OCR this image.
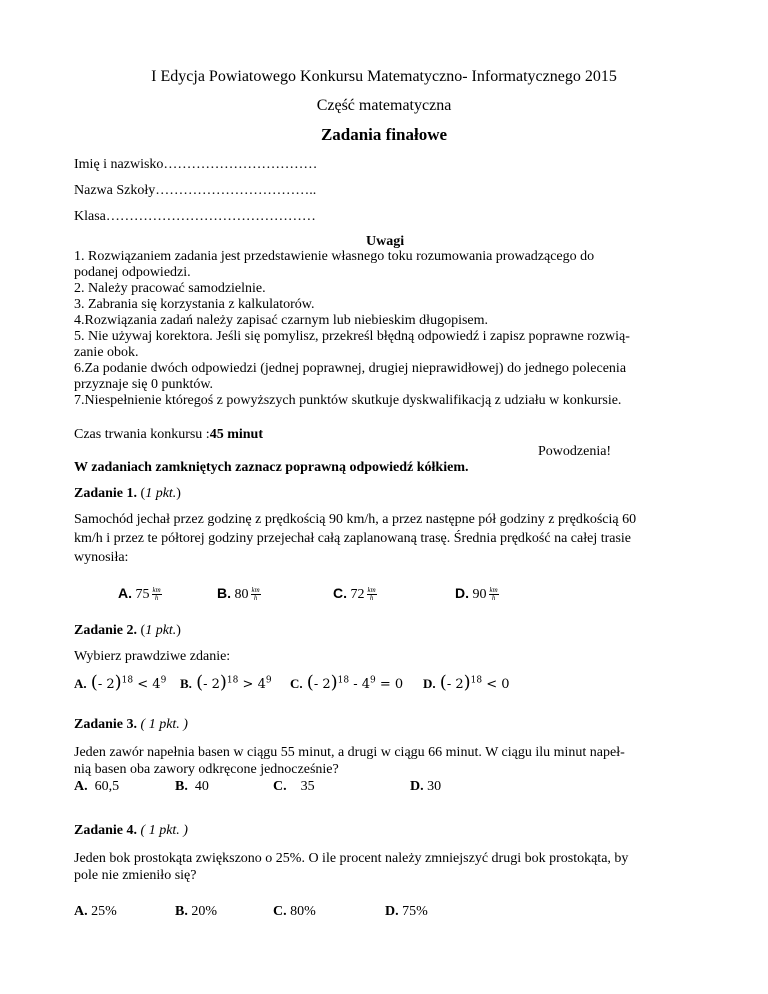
I Edycja Powiatowego Konkursu Matematyczno- Informatycznego 2015
Część matematyczna
Zadania finałowe
Imię i nazwisko……………………………
Nazwa Szkoły……………………………..
Klasa………………………………………
Uwagi
1. Rozwiązaniem zadania jest przedstawienie własnego toku rozumowania prowadzącego do
podanej odpowiedzi.
2. Należy pracować samodzielnie.
3. Zabrania się korzystania z kalkulatorów.
4.Rozwiązania zadań należy zapisać czarnym lub niebieskim długopisem.
5. Nie używaj korektora. Jeśli się pomylisz, przekreśl błędną odpowiedź i zapisz poprawne rozwią-
zanie obok.
6.Za podanie dwóch odpowiedzi (jednej poprawnej, drugiej nieprawidłowej) do jednego polecenia
przyznaje się 0 punktów.
7.Niespełnienie któregoś z powyższych punktów skutkuje dyskwalifikacją z udziału w konkursie.
Czas trwania konkursu :45 minut
Powodzenia!
W zadaniach zamkniętych zaznacz poprawną odpowiedź kółkiem.
Zadanie 1. (1 pkt.)
Samochód jechał przez godzinę z prędkością 90 km/h, a przez następne pół godziny z prędkością 60
km/h i przez te półtorej godziny przejechał całą zaplanowaną trasę. Średnia prędkość na całej trasie
wynosiła:
A. $75 \frac{km}{h}$	B. $80 \frac{km}{h}$	C. $72 \frac{km}{h}$	D. $90 \frac{km}{h}$
Zadanie 2. (1 pkt.)
Wybierz prawdziwe zdanie:
A. (- $2)^{18} < 4^9$ B. (- $2)^{18} > 4^9$ C. (- $2)^{18} - 4^9 = 0$ D. (- 2)$^{18}$ < 0
Zadanie 3. ( 1 pkt. )
Jeden zawór napełnia basen w ciągu 55 minut, a drugi w ciągu 66 minut. W ciągu ilu minut napeł-
nią basen oba zawory odkręcone jednocześnie?
A. 60,5	B. 40	C. 35	D. 30
Zadanie 4. ( 1 pkt. )
Jeden bok prostokąta zwiększono o 25%. O ile procent należy zmniejszyć drugi bok prostokąta, by
pole nie zmieniło się?
A. 25%	B. 20%	C. 80%	D. 75%
